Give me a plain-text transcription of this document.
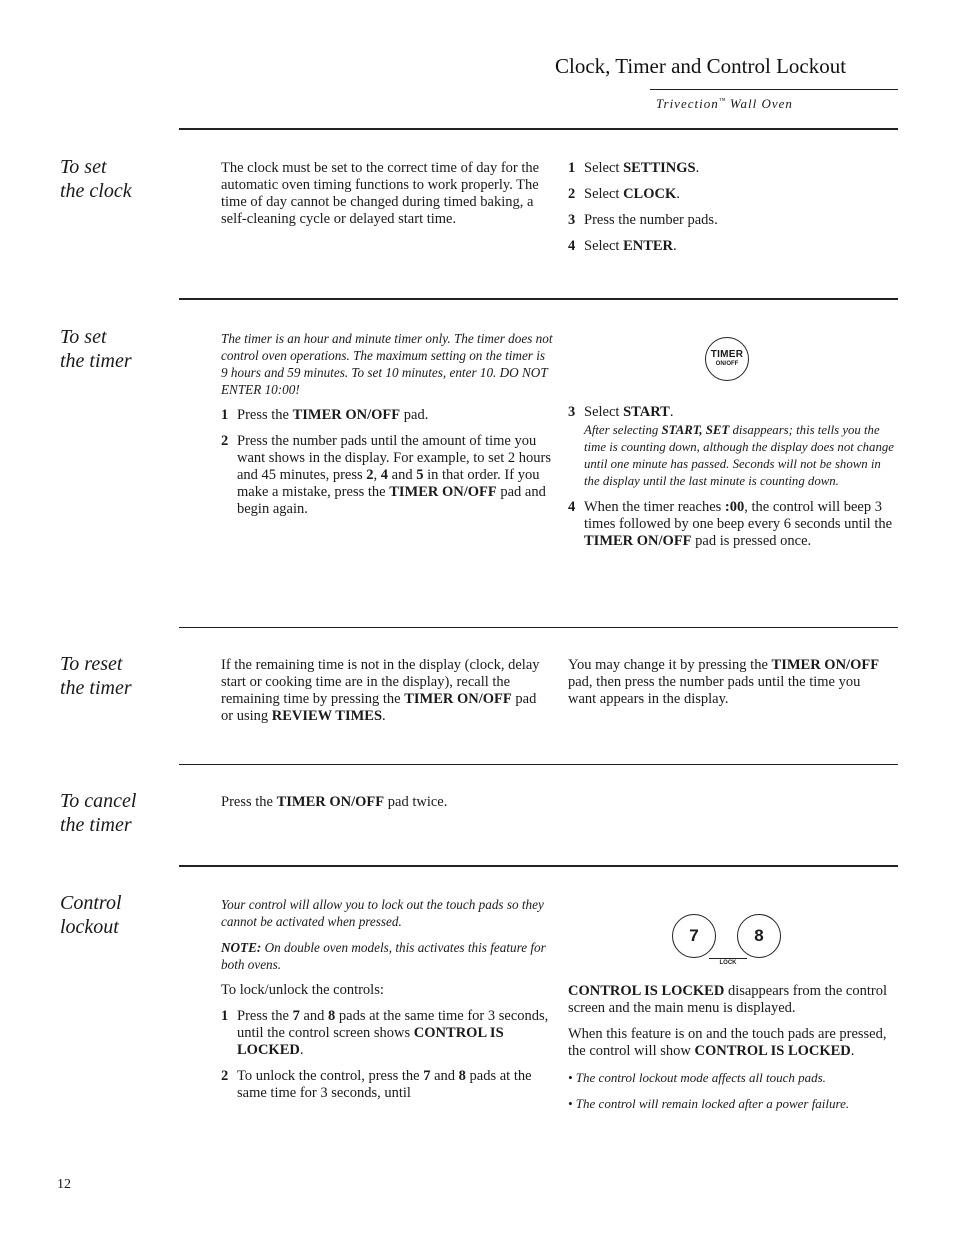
Clock, Timer and Control Lockout
Trivection™ Wall Oven
To set
the clock

The clock must be set to the correct time of day for the automatic oven timing functions to work properly. The time of day cannot be changed during timed baking, a self-cleaning cycle or delayed start time.

1 Select SETTINGS.
2 Select CLOCK.
3 Press the number pads.
4 Select ENTER.
To set
the timer

The timer is an hour and minute timer only. The timer does not control oven operations. The maximum setting on the timer is 9 hours and 59 minutes. To set 10 minutes, enter 10. DO NOT ENTER 10:00!

1 Press the TIMER ON/OFF pad.
2 Press the number pads until the amount of time you want shows in the display. For example, to set 2 hours and 45 minutes, press 2, 4 and 5 in that order. If you make a mistake, press the TIMER ON/OFF pad and begin again.
TIMER
ON/OFF
3 Select START.
After selecting START, SET disappears; this tells you the time is counting down, although the display does not change until one minute has passed. Seconds will not be shown in the display until the last minute is counting down.
4 When the timer reaches :00, the control will beep 3 times followed by one beep every 6 seconds until the TIMER ON/OFF pad is pressed once.
To reset
the timer

If the remaining time is not in the display (clock, delay start or cooking time are in the display), recall the remaining time by pressing the TIMER ON/OFF pad or using REVIEW TIMES.

You may change it by pressing the TIMER ON/OFF pad, then press the number pads until the time you want appears in the display.

To cancel
the timer

Press the TIMER ON/OFF pad twice.

Control
lockout

Your control will allow you to lock out the touch pads so they cannot be activated when pressed.

NOTE: On double oven models, this activates this feature for both ovens.

To lock/unlock the controls:

1 Press the 7 and 8 pads at the same time for 3 seconds, until the control screen shows CONTROL IS LOCKED.
2 To unlock the control, press the 7 and 8 pads at the same time for 3 seconds, until
7	8
LOCK

CONTROL IS LOCKED disappears from the control screen and the main menu is displayed.

When this feature is on and the touch pads are pressed, the control will show CONTROL IS LOCKED.

• The control lockout mode affects all touch pads.

• The control will remain locked after a power failure.

12
